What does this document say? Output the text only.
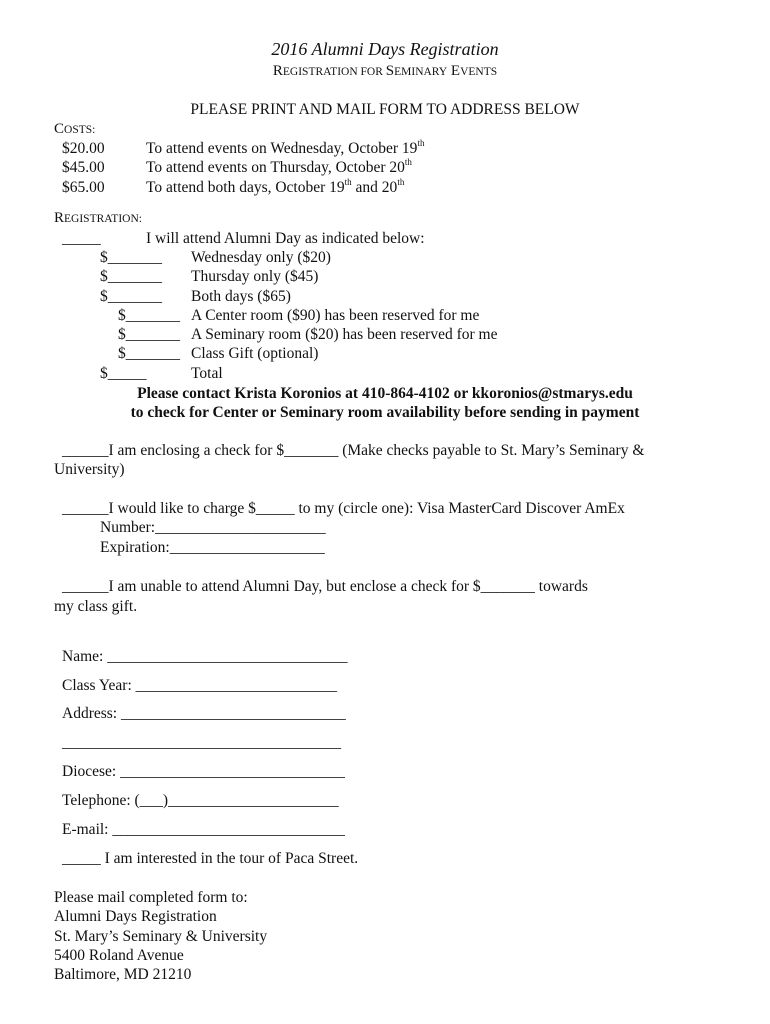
2016 Alumni Days Registration
REGISTRATION FOR SEMINARY EVENTS
PLEASE PRINT AND MAIL FORM TO ADDRESS BELOW
COSTS:
$20.00	To attend events on Wednesday, October 19th
$45.00	To attend events on Thursday, October 20th
$65.00	To attend both days, October 19th and 20th
REGISTRATION:
_____	I will attend Alumni Day as indicated below:
$_______ Wednesday only ($20)
$_______ Thursday only ($45)
$_______ Both days ($65)
$_______ A Center room ($90) has been reserved for me
$_______ A Seminary room ($20) has been reserved for me
$_______ Class Gift (optional)
$_____	Total
Please contact Krista Koronios at 410-864-4102 or kkoronios@stmarys.edu
to check for Center or Seminary room availability before sending in payment
______I am enclosing a check for $_______ (Make checks payable to St. Mary’s Seminary &
University)
______I would like to charge $_____ to my (circle one): Visa MasterCard Discover AmEx
Number:______________________
Expiration:____________________
______I am unable to attend Alumni Day, but enclose a check for $_______ towards
my class gift.
Name: _______________________________
Class Year: __________________________
Address: _____________________________
____________________________________
Diocese: _____________________________
Telephone: (___)______________________
E-mail: ______________________________
_____ I am interested in the tour of Paca Street.
Please mail completed form to:
Alumni Days Registration
St. Mary’s Seminary & University
5400 Roland Avenue
Baltimore, MD 21210
